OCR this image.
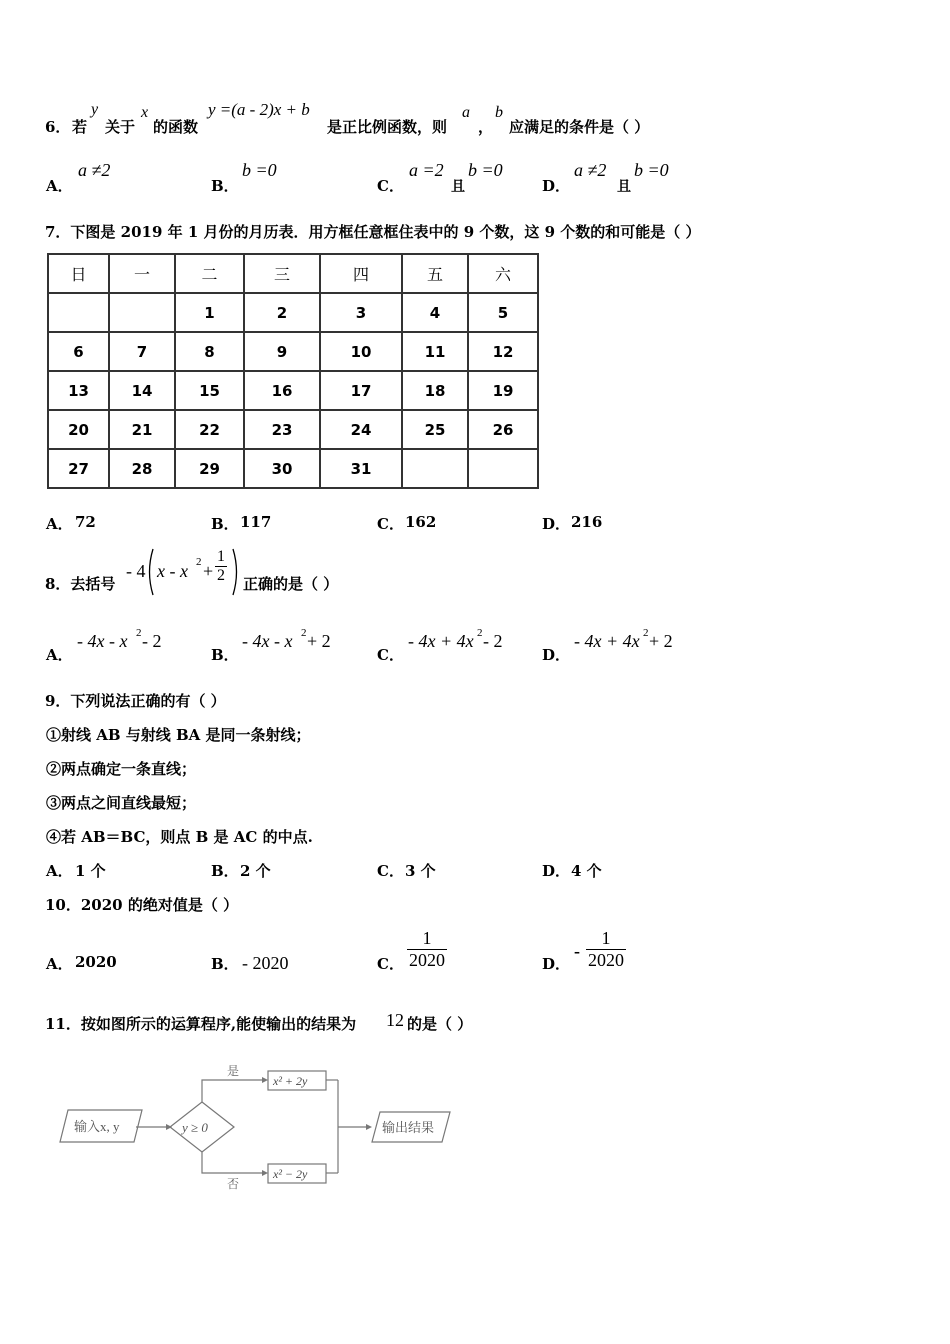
6． 若
y
关于
x
的函数
y =(a - 2)x + b
是正比例函数，则
a
，
b
应满足的条件是（ ）
A．
a ≠2
B．
b =0
C．
a =2
且
b =0
D．
a ≠2
且
b =0
7．下图是 2019 年 1 月份的月历表．用方框任意框住表中的 9 个数，这 9 个数的和可能是（ ）
日	一	二	三	四	五	六
		1	2	3	4	5
6	7	8	9	10	11	12
13	14	15	16	17	18	19
20	21	22	23	24	25	26
27	28	29	30	31		
A． 72	B． 117	C． 162	D． 216
8．去括号
- 4 x - x $2 + \frac{1}{2}$ 正确的是（ ）
A．
- 4x - x 2 - 2
B．
- 4x - x 2 + 2
C．
- 4x + 4x 2 - 2
D．
- 4x + 4x 2 + 2
9．下列说法正确的有（ ）
①射线 AB 与射线 BA 是同一条射线；
②两点确定一条直线；
③两点之间直线最短；
④若 AB＝BC，则点 B 是 AC 的中点.
A． 1 个	B． 2 个	C． 3 个	D． 4 个
10．2020 的绝对值是（ ）
A． 2020	B． - 2020	C． $\frac{1}{2020}$	D．
- $\frac{1}{2020}$
11．按如图所示的运算程序,能使输出的结果为 12 的是（ ）
输入x, y	y ≥ 0
是
x² + 2y
否
x² − 2y
输出结果
